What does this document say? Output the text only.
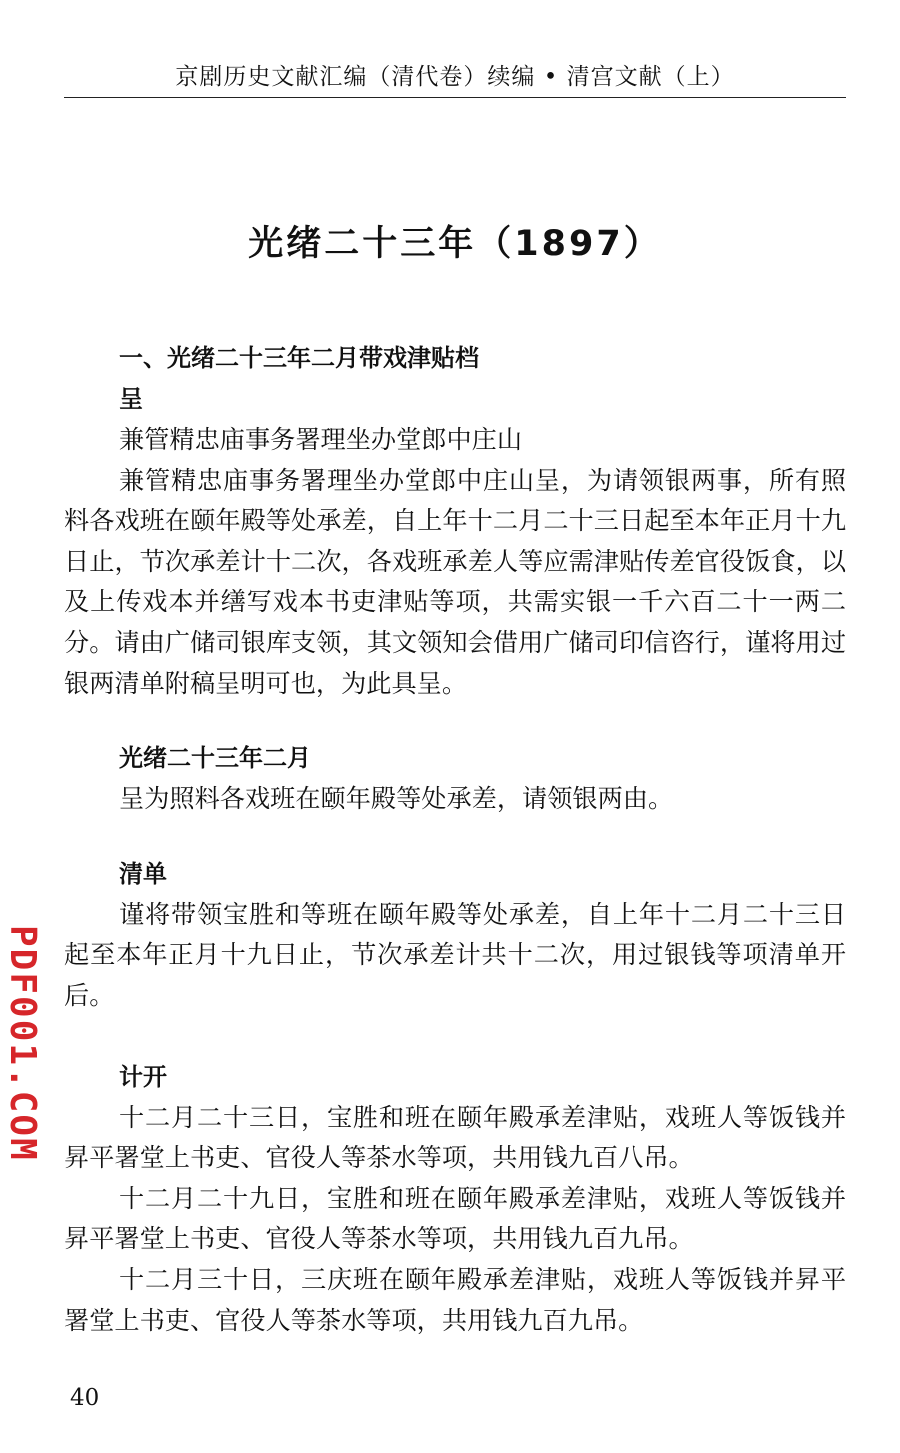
京剧历史文献汇编（清代卷）续编 • 清宫文献（上）
光绪二十三年（1897）

一、光绪二十三年二月带戏津贴档

呈

兼管精忠庙事务署理坐办堂郎中庄山

兼管精忠庙事务署理坐办堂郎中庄山呈，为请领银两事，所有照料各戏班在颐年殿等处承差，自上年十二月二十三日起至本年正月十九日止，节次承差计十二次，各戏班承差人等应需津贴传差官役饭食，以及上传戏本并缮写戏本书吏津贴等项，共需实银一千六百二十一两二分。请由广储司银库支领，其文领知会借用广储司印信咨行，谨将用过银两清单附稿呈明可也，为此具呈。

光绪二十三年二月

呈为照料各戏班在颐年殿等处承差，请领银两由。

清单

谨将带领宝胜和等班在颐年殿等处承差，自上年十二月二十三日起至本年正月十九日止，节次承差计共十二次，用过银钱等项清单开后。

计开

十二月二十三日，宝胜和班在颐年殿承差津贴，戏班人等饭钱并昇平署堂上书吏、官役人等茶水等项，共用钱九百八吊。

十二月二十九日，宝胜和班在颐年殿承差津贴，戏班人等饭钱并昇平署堂上书吏、官役人等茶水等项，共用钱九百九吊。

十二月三十日，三庆班在颐年殿承差津贴，戏班人等饭钱并昇平署堂上书吏、官役人等茶水等项，共用钱九百九吊。

PDF001.COM
40
